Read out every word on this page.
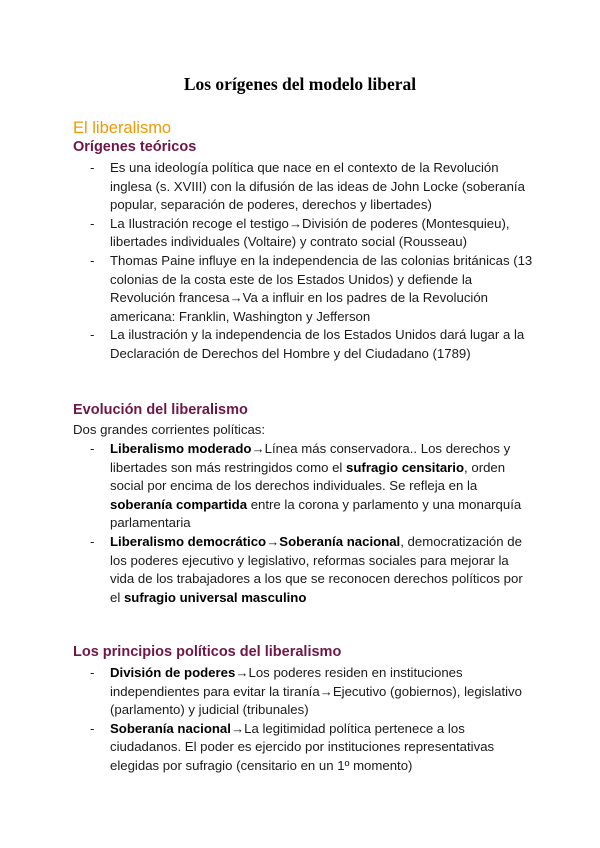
Los orígenes del modelo liberal
El liberalismo
Orígenes teóricos
- Es una ideología política que nace en el contexto de la Revolución inglesa (s. XVIII) con la difusión de las ideas de John Locke (soberanía popular, separación de poderes, derechos y libertades)
- La Ilustración recoge el testigo→División de poderes (Montesquieu), libertades individuales (Voltaire) y contrato social (Rousseau)
- Thomas Paine influye en la independencia de las colonias británicas (13 colonias de la costa este de los Estados Unidos) y defiende la Revolución francesa→Va a influir en los padres de la Revolución americana: Franklin, Washington y Jefferson
- La ilustración y la independencia de los Estados Unidos dará lugar a la Declaración de Derechos del Hombre y del Ciudadano (1789)
Evolución del liberalismo
Dos grandes corrientes políticas:
- Liberalismo moderado→Línea más conservadora.. Los derechos y libertades son más restringidos como el sufragio censitario, orden social por encima de los derechos individuales. Se refleja en la soberanía compartida entre la corona y parlamento y una monarquía parlamentaria
- Liberalismo democrático→Soberanía nacional, democratización de los poderes ejecutivo y legislativo, reformas sociales para mejorar la vida de los trabajadores a los que se reconocen derechos políticos por el sufragio universal masculino
Los principios políticos del liberalismo
- División de poderes→Los poderes residen en instituciones independientes para evitar la tiranía→Ejecutivo (gobiernos), legislativo (parlamento) y judicial (tribunales)
- Soberanía nacional→La legitimidad política pertenece a los ciudadanos. El poder es ejercido por instituciones representativas elegidas por sufragio (censitario en un 1º momento)
